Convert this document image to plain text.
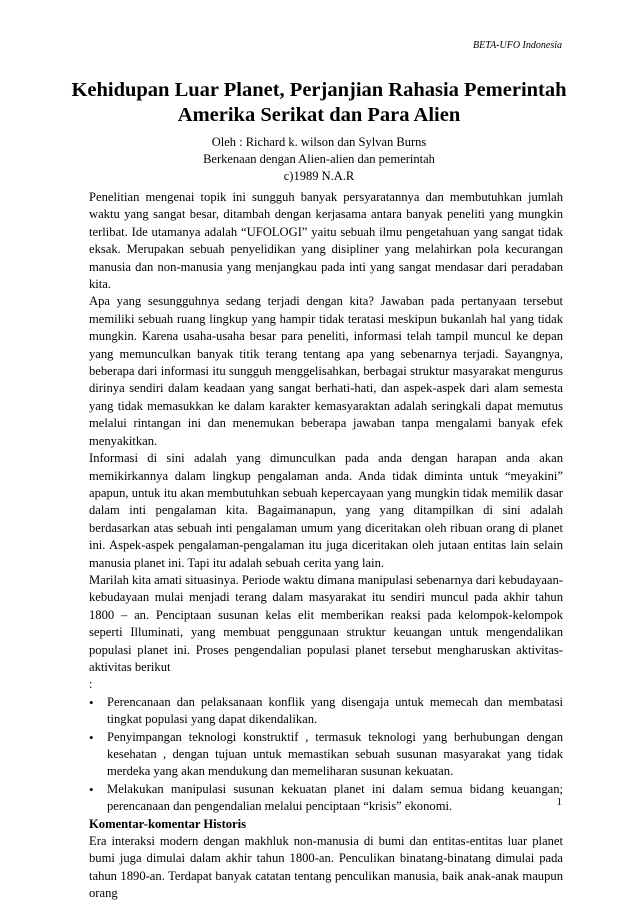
BETA-UFO Indonesia
Kehidupan Luar Planet, Perjanjian Rahasia Pemerintah
Amerika Serikat dan Para Alien
Oleh : Richard k. wilson dan Sylvan Burns
Berkenaan dengan Alien-alien dan pemerintah
c)1989 N.A.R

Penelitian mengenai topik ini sungguh banyak persyaratannya dan membutuhkan jumlah waktu yang sangat besar, ditambah dengan kerjasama antara banyak peneliti yang mungkin terlibat. Ide utamanya adalah “UFOLOGI” yaitu sebuah ilmu pengetahuan yang sangat tidak eksak. Merupakan sebuah penyelidikan yang disipliner yang melahirkan pola kecurangan manusia dan non-manusia yang menjangkau pada inti yang sangat mendasar dari peradaban kita.

Apa yang sesungguhnya sedang terjadi dengan kita? Jawaban pada pertanyaan tersebut memiliki sebuah ruang lingkup yang hampir tidak teratasi meskipun bukanlah hal yang tidak mungkin. Karena usaha-usaha besar para peneliti, informasi telah tampil muncul ke depan yang memunculkan banyak titik terang tentang apa yang sebenarnya terjadi. Sayangnya, beberapa dari informasi itu sungguh menggelisahkan, berbagai struktur masyarakat mengurus dirinya sendiri dalam keadaan yang sangat berhati-hati, dan aspek-aspek dari alam semesta yang tidak memasukkan ke dalam karakter kemasyaraktan adalah seringkali dapat memutus melalui rintangan ini dan menemukan beberapa jawaban tanpa mengalami banyak efek menyakitkan.

Informasi di sini adalah yang dimunculkan pada anda dengan harapan anda akan memikirkannya dalam lingkup pengalaman anda. Anda tidak diminta untuk “meyakini” apapun, untuk itu akan membutuhkan sebuah kepercayaan yang mungkin tidak memilik dasar dalam inti pengalaman kita. Bagaimanapun, yang yang ditampilkan di sini adalah berdasarkan atas sebuah inti pengalaman umum yang diceritakan oleh ribuan orang di planet ini. Aspek-aspek pengalaman-pengalaman itu juga diceritakan oleh jutaan entitas lain selain manusia planet ini. Tapi itu adalah sebuah cerita yang lain.

Marilah kita amati situasinya. Periode waktu dimana manipulasi sebenarnya dari kebudayaan-kebudayaan mulai menjadi terang dalam masyarakat itu sendiri muncul pada akhir tahun 1800 – an. Penciptaan susunan kelas elit memberikan reaksi pada kelompok-kelompok seperti Illuminati, yang membuat penggunaan struktur keuangan untuk mengendalikan populasi planet ini. Proses pengendalian populasi planet tersebut mengharuskan aktivitas-aktivitas berikut

:

• Perencanaan dan pelaksanaan konflik yang disengaja untuk memecah dan membatasi tingkat populasi yang dapat dikendalikan.
• Penyimpangan teknologi konstruktif , termasuk teknologi yang berhubungan dengan kesehatan , dengan tujuan untuk memastikan sebuah susunan masyarakat yang tidak merdeka yang akan mendukung dan memeliharan susunan kekuatan.
• Melakukan manipulasi susunan kekuatan planet ini dalam semua bidang keuangan; perencanaan dan pengendalian melalui penciptaan “krisis” ekonomi.

Komentar-komentar Historis

Era interaksi modern dengan makhluk non-manusia di bumi dan entitas-entitas luar planet bumi juga dimulai dalam akhir tahun 1800-an. Penculikan binatang-binatang dimulai pada tahun 1890-an. Terdapat banyak catatan tentang penculikan manusia, baik anak-anak maupun orang

1
